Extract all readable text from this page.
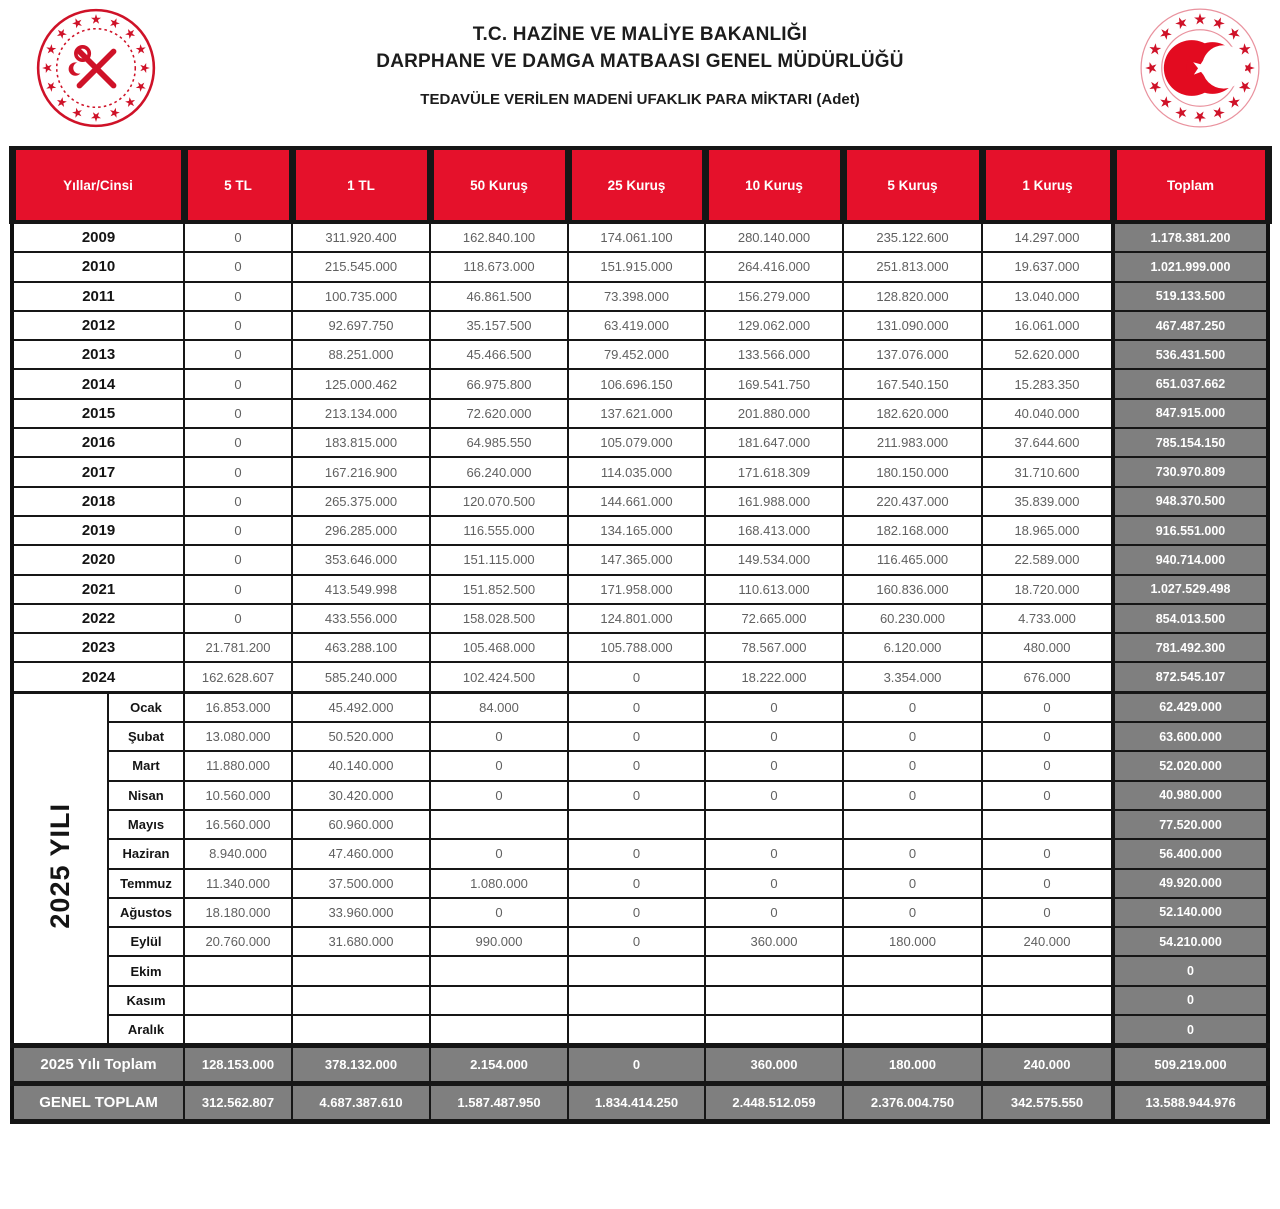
T.C. HAZİNE VE MALİYE BAKANLIĞI
DARPHANE VE DAMGA MATBAASI GENEL MÜDÜRLÜĞÜ
TEDAVÜLE VERİLEN MADENİ UFAKLIK PARA MİKTARI (Adet)
Yıllar/Cinsi		5 TL	1 TL	50 Kuruş	25 Kuruş	10 Kuruş	5 Kuruş	1 Kuruş	Toplam
2009		0	311.920.400	162.840.100	174.061.100	280.140.000	235.122.600	14.297.000	1.178.381.200
2010		0	215.545.000	118.673.000	151.915.000	264.416.000	251.813.000	19.637.000	1.021.999.000
2011		0	100.735.000	46.861.500	73.398.000	156.279.000	128.820.000	13.040.000	519.133.500
2012		0	92.697.750	35.157.500	63.419.000	129.062.000	131.090.000	16.061.000	467.487.250
2013		0	88.251.000	45.466.500	79.452.000	133.566.000	137.076.000	52.620.000	536.431.500
2014		0	125.000.462	66.975.800	106.696.150	169.541.750	167.540.150	15.283.350	651.037.662
2015		0	213.134.000	72.620.000	137.621.000	201.880.000	182.620.000	40.040.000	847.915.000
2016		0	183.815.000	64.985.550	105.079.000	181.647.000	211.983.000	37.644.600	785.154.150
2017		0	167.216.900	66.240.000	114.035.000	171.618.309	180.150.000	31.710.600	730.970.809
2018		0	265.375.000	120.070.500	144.661.000	161.988.000	220.437.000	35.839.000	948.370.500
2019		0	296.285.000	116.555.000	134.165.000	168.413.000	182.168.000	18.965.000	916.551.000
2020		0	353.646.000	151.115.000	147.365.000	149.534.000	116.465.000	22.589.000	940.714.000
2021		0	413.549.998	151.852.500	171.958.000	110.613.000	160.836.000	18.720.000	1.027.529.498
2022		0	433.556.000	158.028.500	124.801.000	72.665.000	60.230.000	4.733.000	854.013.500
2023		21.781.200	463.288.100	105.468.000	105.788.000	78.567.000	6.120.000	480.000	781.492.300
2024		162.628.607	585.240.000	102.424.500	0	18.222.000	3.354.000	676.000	872.545.107
2025 YILI	Ocak	16.853.000	45.492.000	84.000	0	0	0	0	62.429.000
	Şubat	13.080.000	50.520.000	0	0	0	0	0	63.600.000
	Mart	11.880.000	40.140.000	0	0	0	0	0	52.020.000
	Nisan	10.560.000	30.420.000	0	0	0	0	0	40.980.000
	Mayıs	16.560.000	60.960.000						77.520.000
	Haziran	8.940.000	47.460.000	0	0	0	0	0	56.400.000
	Temmuz	11.340.000	37.500.000	1.080.000	0	0	0	0	49.920.000
	Ağustos	18.180.000	33.960.000	0	0	0	0	0	52.140.000
	Eylül	20.760.000	31.680.000	990.000	0	360.000	180.000	240.000	54.210.000
	Ekim								0
	Kasım								0
	Aralık								0
2025 Yılı Toplam		128.153.000	378.132.000	2.154.000	0	360.000	180.000	240.000	509.219.000
GENEL TOPLAM		312.562.807	4.687.387.610	1.587.487.950	1.834.414.250	2.448.512.059	2.376.004.750	342.575.550	13.588.944.976
